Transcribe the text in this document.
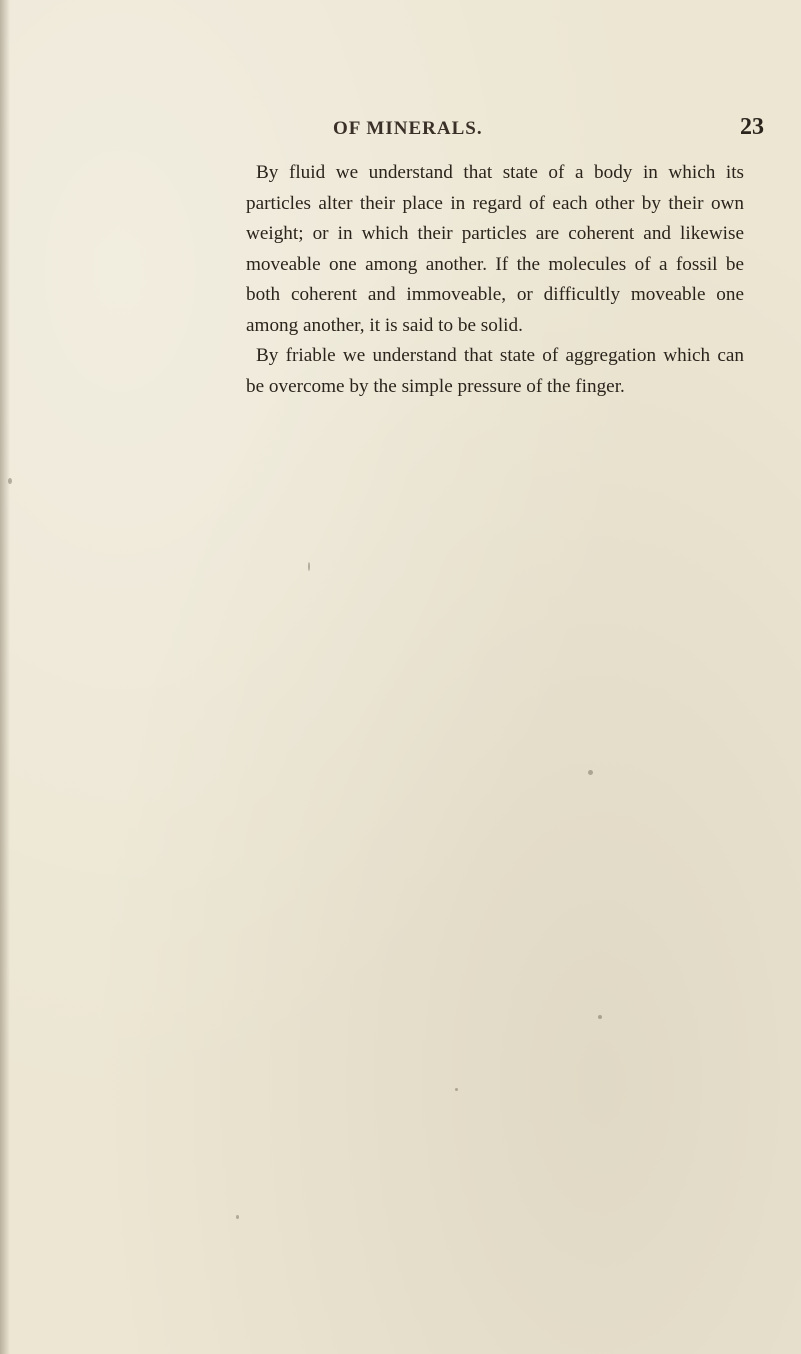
OF MINERALS.	23

By fluid we understand that state of a body in which its particles alter their place in regard of each other by their own weight; or in which their particles are coherent and likewise moveable one among another. If the molecules of a fossil be both coherent and immoveable, or difficultly moveable one among another, it is said to be solid.

By friable we understand that state of aggregation which can be overcome by the simple pressure of the finger.
